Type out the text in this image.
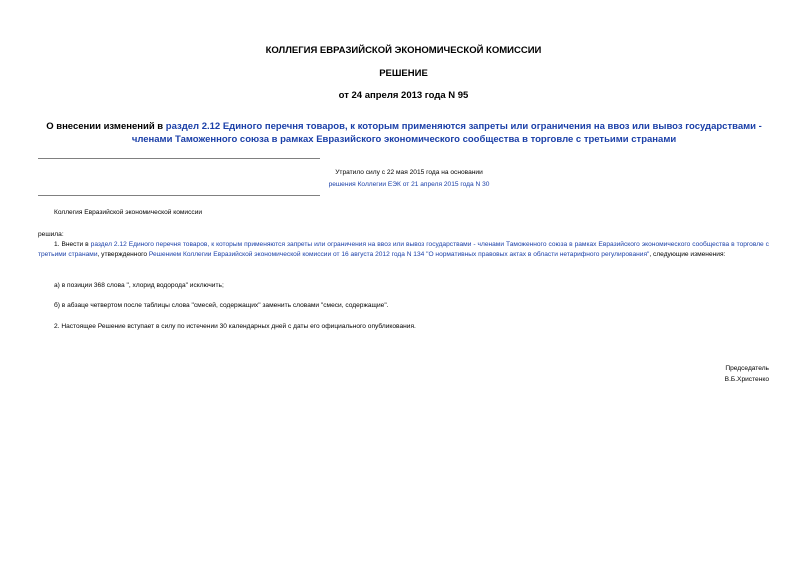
КОЛЛЕГИЯ ЕВРАЗИЙСКОЙ ЭКОНОМИЧЕСКОЙ КОМИССИИ
РЕШЕНИЕ
от 24 апреля 2013 года N 95
О внесении изменений в раздел 2.12 Единого перечня товаров, к которым применяются запреты или ограничения на ввоз или вывоз государствами - членами Таможенного союза в рамках Евразийского экономического сообщества в торговле с третьими странами
Утратило силу с 22 мая 2015 года на основании
решения Коллегии ЕЭК от 21 апреля 2015 года N 30
Коллегия Евразийской экономической комиссии
решила:
1. Внести в раздел 2.12 Единого перечня товаров, к которым применяются запреты или ограничения на ввоз или вывоз государствами - членами Таможенного союза в рамках Евразийского экономического сообщества в торговле с третьими странами, утвержденного Решением Коллегии Евразийской экономической комиссии от 16 августа 2012 года N 134 "О нормативных правовых актах в области нетарифного регулирования", следующие изменения:
а) в позиции 368 слова ", хлорид водорода" исключить;
б) в абзаце четвертом после таблицы слова "смесей, содержащих" заменить словами "смеси, содержащие".
2. Настоящее Решение вступает в силу по истечении 30 календарных дней с даты его официального опубликования.
Председатель
В.Б.Христенко
